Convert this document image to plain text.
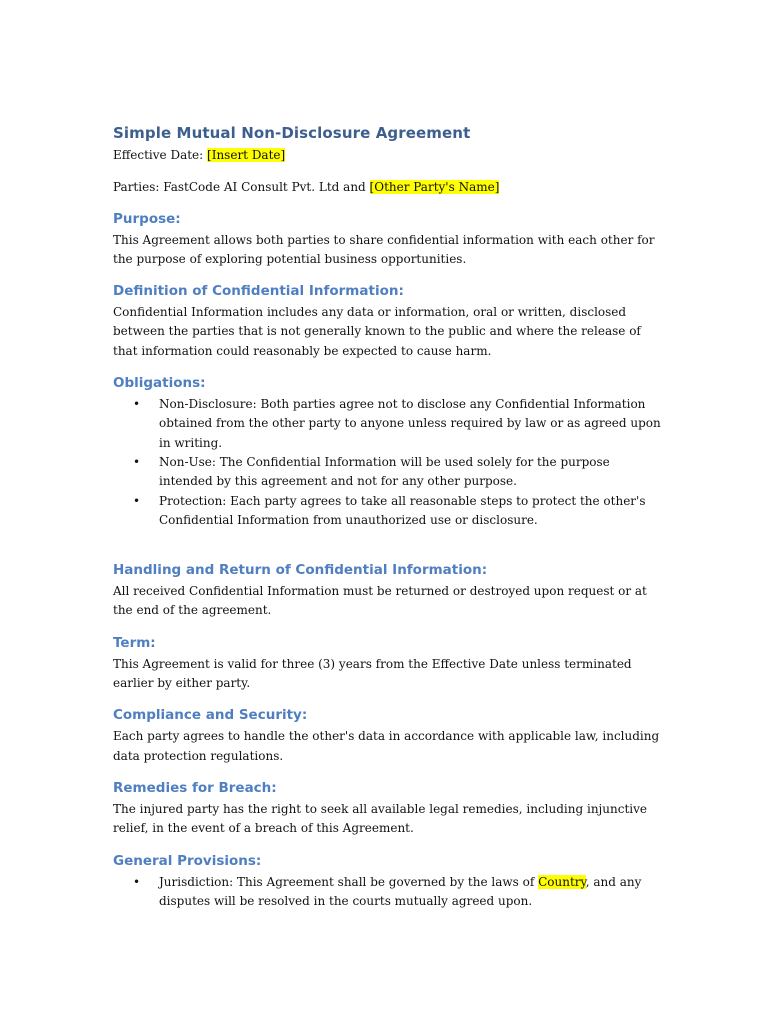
Simple Mutual Non-Disclosure Agreement

Effective Date: [Insert Date]

Parties: FastCode AI Consult Pvt. Ltd and [Other Party's Name]

Purpose:

This Agreement allows both parties to share confidential information with each other for the purpose of exploring potential business opportunities.

Definition of Confidential Information:

Confidential Information includes any data or information, oral or written, disclosed between the parties that is not generally known to the public and where the release of that information could reasonably be expected to cause harm.

Obligations:
• Non-Disclosure: Both parties agree not to disclose any Confidential Information obtained from the other party to anyone unless required by law or as agreed upon in writing.
• Non-Use: The Confidential Information will be used solely for the purpose intended by this agreement and not for any other purpose.
• Protection: Each party agrees to take all reasonable steps to protect the other's Confidential Information from unauthorized use or disclosure.
Handling and Return of Confidential Information:

All received Confidential Information must be returned or destroyed upon request or at the end of the agreement.

Term:

This Agreement is valid for three (3) years from the Effective Date unless terminated earlier by either party.

Compliance and Security:

Each party agrees to handle the other's data in accordance with applicable law, including data protection regulations.

Remedies for Breach:

The injured party has the right to seek all available legal remedies, including injunctive relief, in the event of a breach of this Agreement.

General Provisions:
• Jurisdiction: This Agreement shall be governed by the laws of Country, and any disputes will be resolved in the courts mutually agreed upon.
